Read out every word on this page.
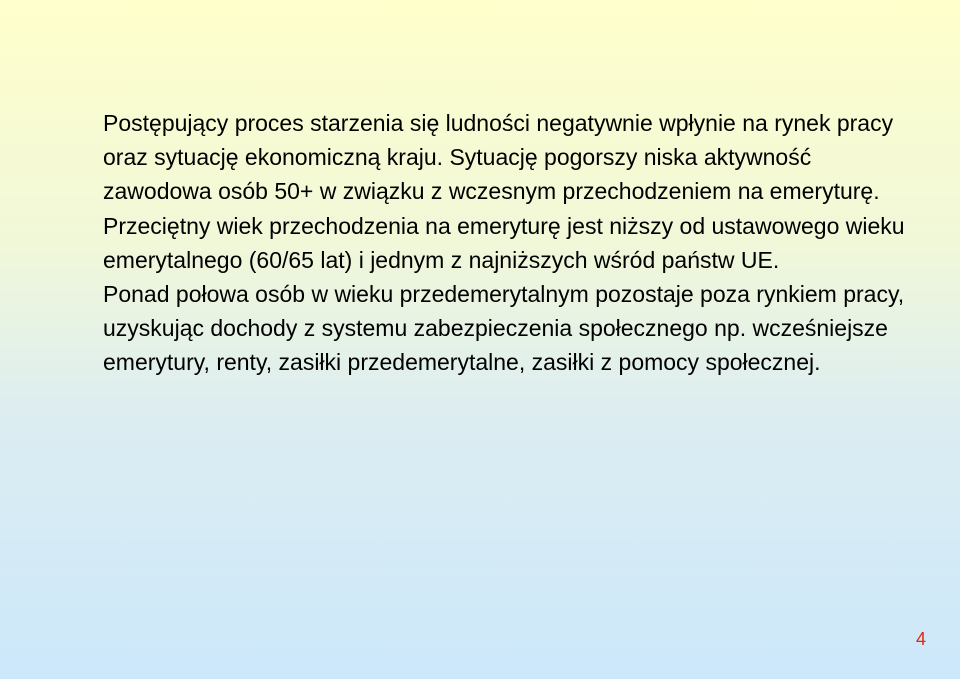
Postępujący proces starzenia się ludności negatywnie wpłynie na rynek pracy oraz sytuację ekonomiczną kraju. Sytuację pogorszy niska aktywność zawodowa osób 50+ w związku z wczesnym przechodzeniem na emeryturę.

Przeciętny wiek przechodzenia na emeryturę jest niższy od ustawowego wieku emerytalnego (60/65 lat) i jednym z najniższych wśród państw UE.

Ponad połowa osób w wieku przedemerytalnym pozostaje poza rynkiem pracy, uzyskując dochody z systemu zabezpieczenia społecznego np. wcześniejsze emerytury, renty, zasiłki przedemerytalne, zasiłki z pomocy społecznej.

4
